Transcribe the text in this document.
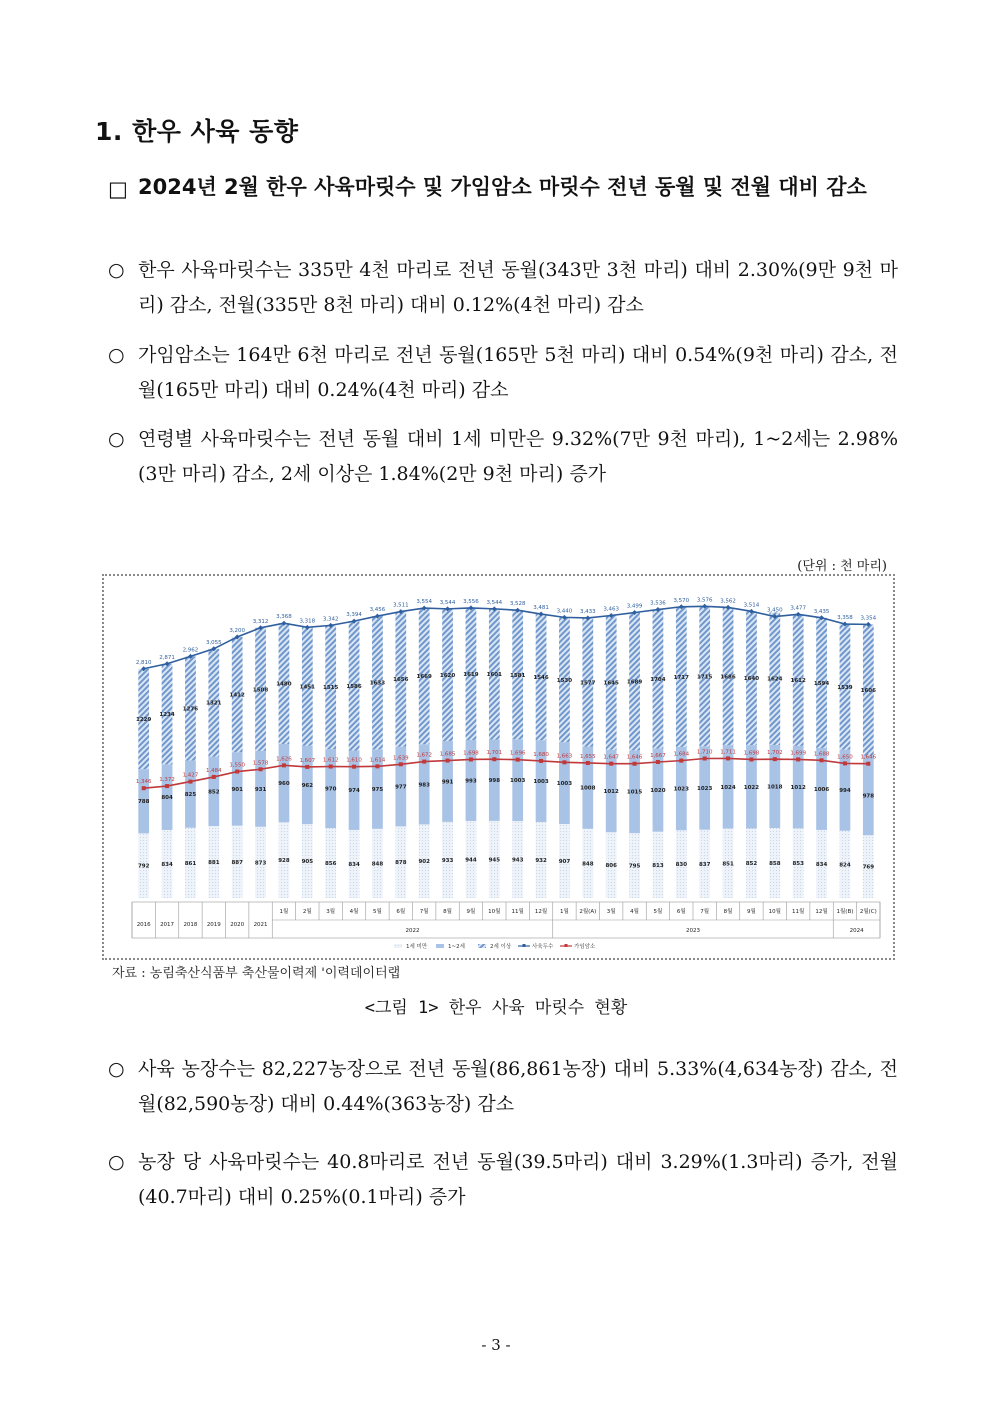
1. 한우 사육 동향
□ 2024년 2월 한우 사육마릿수 및 가임암소 마릿수 전년 동월 및 전월 대비 감소
○ 한우 사육마릿수는 335만 4천 마리로 전년 동월(343만 3천 마리) 대비 2.30%(9만 9천 마리) 감소, 전월(335만 8천 마리) 대비 0.12%(4천 마리) 감소
○ 가임암소는 164만 6천 마리로 전년 동월(165만 5천 마리) 대비 0.54%(9천 마리) 감소, 전월(165만 마리) 대비 0.24%(4천 마리) 감소
○ 연령별 사육마릿수는 전년 동월 대비 1세 미만은 9.32%(7만 9천 마리), 1~2세는 2.98%(3만 마리) 감소, 2세 이상은 1.84%(2만 9천 마리) 증가
(단위 : 천 마리)
792
788
1229
834
804
1234
861
825
1276
881
852
1321
887
901
1412
873
931
1508
928
960
1480
905
962
1451
856
970
1515
834
974
1586
848
975
1633
878
977
1656
902
983
1669
933
991
1620
944
993
1619
945
998
1601
943
1003
1581
932
1003
1546
907
1003
1530
848
1008
1577
806
1012
1645
795
1015
1689
813
1020
1704
830
1023
1717
837
1023
1715
851
1024
1686
852
1022
1640
858
1018
1624
853
1012
1612
834
1006
1594
824
994
1539
769
978
1606
2,810
2,871
2,962
3,055
3,200
3,312
3,368
3,318 3,342
3,394
3,456
3,511
3,554 3,544 3,556 3,544 3,528
3,481
3,440 3,433 3,463 3,499
3,536 3,570 3,576 3,562
3,514
3,450 3,477
3,435
3,358 3,354
1,346 1,372
1,427
1,484
1,550 1,578
1,626 1,607 1,612 1,610 1,614 1,639 1,672 1,685 1,698 1,701 1,696 1,680 1,663 1,655 1,647 1,646 1,667 1,684 1,710 1,711 1,698 1,702 1,699 1,688
1,650 1,646
2016 2017 2018 2019 2020 2021
1월	2월	3월	4월	5월	6월	7월	8월	9월 10월 11월 12월 1월 2월(A) 3월	4월	5월	6월	7월	8월	9월 10월 11월 12월 1월(B) 2월(C)
2022	2023	2024
1세 미만	1~2세	2세 이상	사육두수	가임암소
자료 : 농림축산식품부 축산물이력제 '이력데이터랩
<그림 1> 한우 사육 마릿수 현황
○ 사육 농장수는 82,227농장으로 전년 동월(86,861농장) 대비 5.33%(4,634농장) 감소, 전월(82,590농장) 대비 0.44%(363농장) 감소
○ 농장 당 사육마릿수는 40.8마리로 전년 동월(39.5마리) 대비 3.29%(1.3마리) 증가, 전월(40.7마리) 대비 0.25%(0.1마리) 증가
- 3 -
